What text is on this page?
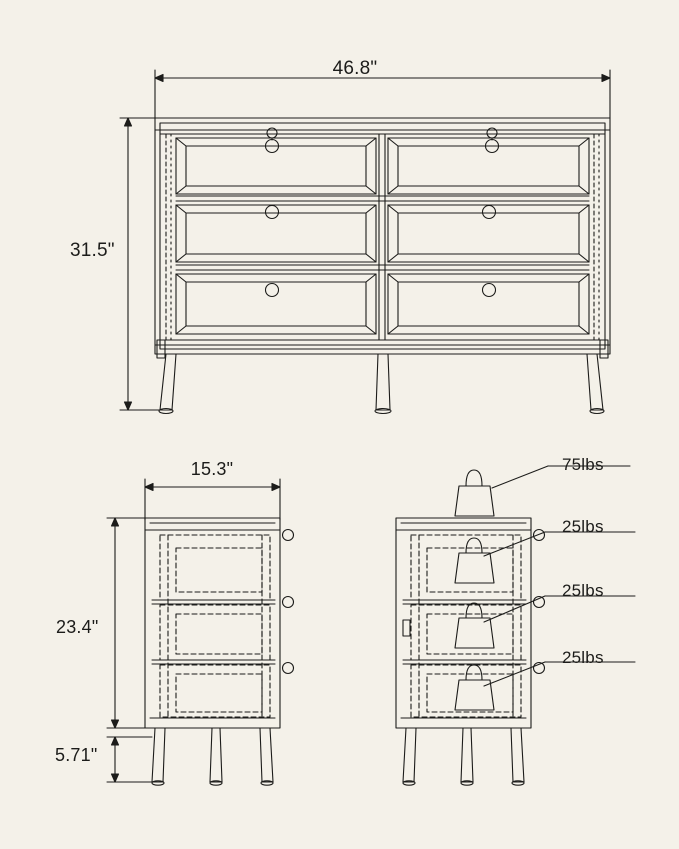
46.8"
31.5"
15.3"
23.4"
5.71"
75lbs
25lbs
25lbs
25lbs
